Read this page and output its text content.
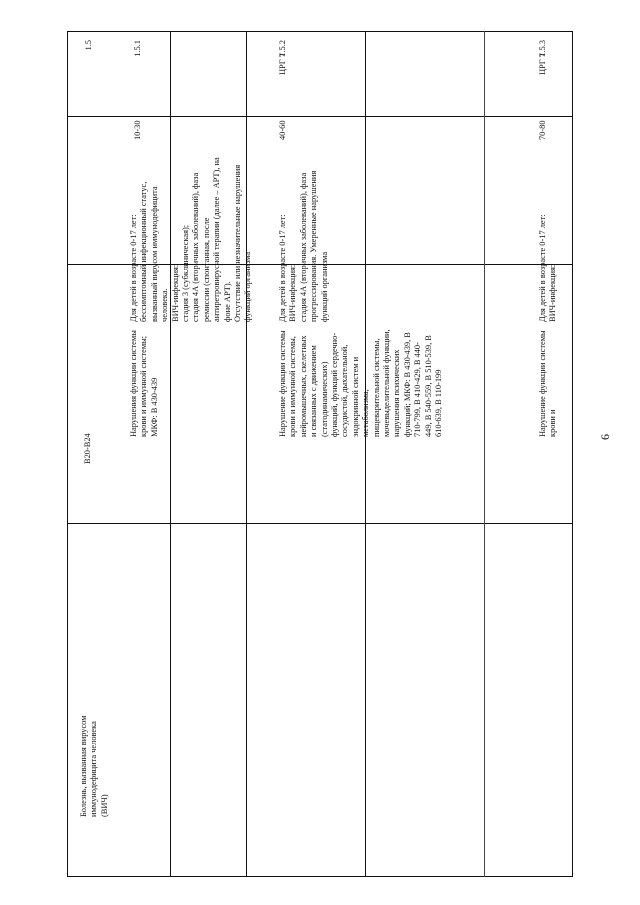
6
1.5
Болезнь, вызванная вирусом иммунодефицита человека (ВИЧ)
B20-B24
1.5.1
Нарушения функции системы крови и иммунной системы; МКФ: B 430-439

Для детей в возрасте 0-17 лет: бессимптомный инфекционный статус, вызванный вирусом иммунодефицита человека. ВИЧ-инфекция: стадия 3 (субклиническая); стадия 4А (вторичных заболеваний), фаза ремиссии (спонтанная, после антиретровирусной терапии (далее – АРТ), на фоне АРТ). Отсутствие или незначительные нарушения функций организма

10-30
1.5.2
Нарушение функции системы крови и иммунной системы, нейромышечных, скелетных и связанных с движением (статодинамических) функций, функций сердечно-сосудистой, дыхательной, эндокринной систем и метаболизма, пищеварительной системы, мочевыделительной функции, нарушения психических функций; МКФ: B 430-439, B 710-799, B 410-429, B 440-449, B 540-559, B 510-539, B 610-639, B 110-199

Для детей в возрасте 0-17 лет: ВИЧ-инфекция: стадия 4А (вторичных заболеваний), фаза прогрессирования. Умеренные нарушения функций организма

40-60
ЦРГ 7
1.5.3
Нарушение функции системы крови и

Для детей в возрасте 0-17 лет: ВИЧ-инфекция:

70-80
ЦРГ 7
